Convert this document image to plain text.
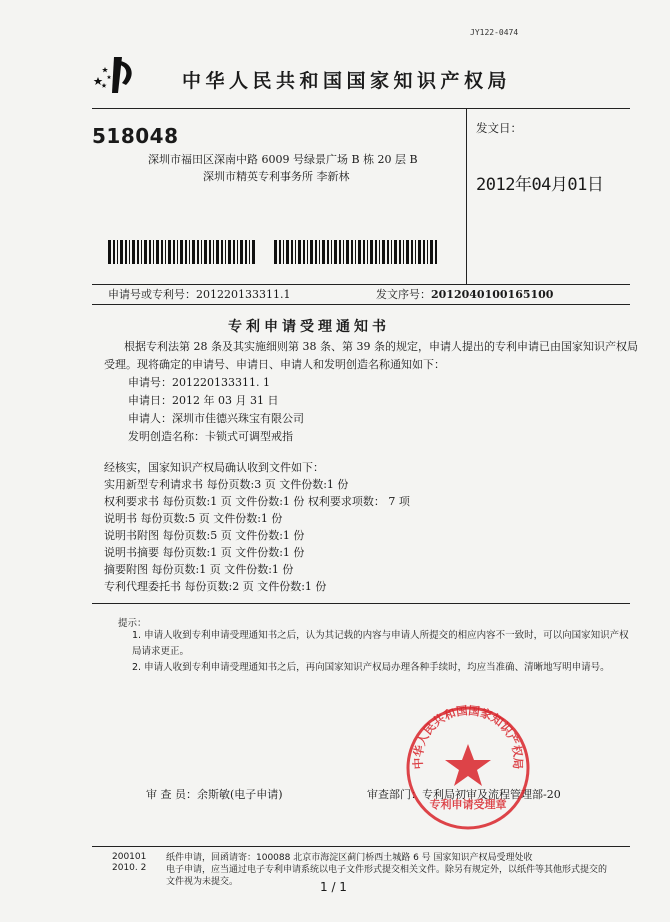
JY122-0474
中华人民共和国国家知识产权局
518048
深圳市福田区深南中路 6009 号绿景广场 B 栋 20 层 B
深圳市精英专利事务所 李新林
发文日：
2012年04月01日
申请号或专利号：201220133311.1	发文序号：2012040100165100
专利申请受理通知书
根据专利法第 28 条及其实施细则第 38 条、第 39 条的规定，申请人提出的专利申请已由国家知识产权局受理。现将确定的申请号、申请日、申请人和发明创造名称通知如下：
申请号：201220133311. 1
申请日：2012 年 03 月 31 日
申请人：深圳市佳德兴珠宝有限公司
发明创造名称：卡锁式可调型戒指
经核实，国家知识产权局确认收到文件如下：
实用新型专利请求书 每份页数:3 页 文件份数:1 份
权利要求书 每份页数:1 页 文件份数:1 份 权利要求项数： 7 项
说明书 每份页数:5 页 文件份数:1 份
说明书附图 每份页数:5 页 文件份数:1 份
说明书摘要 每份页数:1 页 文件份数:1 份
摘要附图 每份页数:1 页 文件份数:1 份
专利代理委托书 每份页数:2 页 文件份数:1 份
提示：
1. 申请人收到专利申请受理通知书之后，认为其记载的内容与申请人所提交的相应内容不一致时，可以向国家知识产权局请求更正。
2. 申请人收到专利申请受理通知书之后，再向国家知识产权局办理各种手续时，均应当准确、清晰地写明申请号。
审 查 员：余斯敏(电子申请)	审查部门：专利局初审及流程管理部-20
中华人民共和国国家知识产权局
专利申请受理章
200101
2010. 2
纸件申请，回函请寄：100088 北京市海淀区蓟门桥西土城路 6 号 国家知识产权局受理处收
电子申请，应当通过电子专利申请系统以电子文件形式提交相关文件。除另有规定外，以纸件等其他形式提交的
文件视为未提交。	1 / 1
